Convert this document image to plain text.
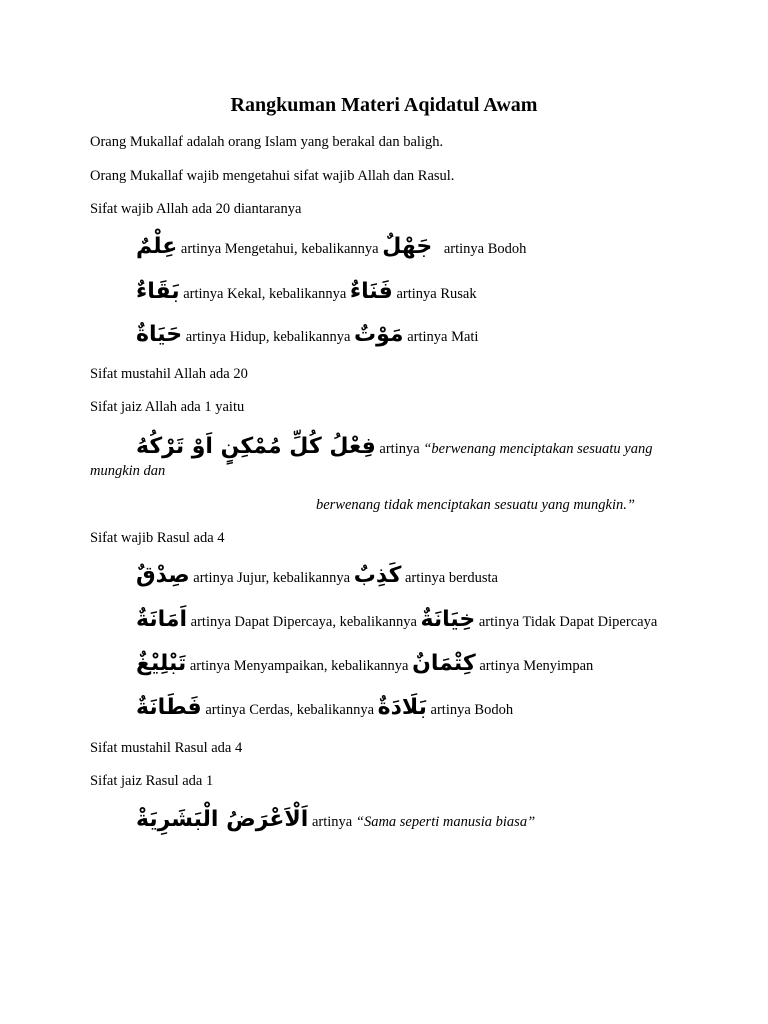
Rangkuman Materi Aqidatul Awam
Orang Mukallaf adalah orang Islam yang berakal dan baligh.
Orang Mukallaf wajib mengetahui sifat wajib Allah dan Rasul.
Sifat wajib Allah ada 20 diantaranya
عِلْمٌ artinya Mengetahui, kebalikannya جَهْلٌ artinya Bodoh
بَقَاءٌ artinya Kekal, kebalikannya فَنَاءٌ artinya Rusak
حَيَاةٌ artinya Hidup, kebalikannya مَوْتٌ artinya Mati
Sifat mustahil Allah ada 20
Sifat jaiz Allah ada 1 yaitu
فِعْلُ كُلِّ مُمْكِنٍ اَوْ تَرْكُهُ artinya “berwenang menciptakan sesuatu yang
mungkin dan
berwenang tidak menciptakan sesuatu yang mungkin.”
Sifat wajib Rasul ada 4
صِدْقٌ artinya Jujur, kebalikannya كَذِبٌ artinya berdusta
اَمَانَةٌ artinya Dapat Dipercaya, kebalikannya خِيَانَةٌ artinya Tidak Dapat Dipercaya
تَبْلِيْغٌ artinya Menyampaikan, kebalikannya كِتْمَانٌ artinya Menyimpan
فَطَانَةٌ artinya Cerdas, kebalikannya بَلَادَةٌ artinya Bodoh
Sifat mustahil Rasul ada 4
Sifat jaiz Rasul ada 1
اَلْاَعْرَضُ الْبَشَرِيَةْ artinya “Sama seperti manusia biasa”
